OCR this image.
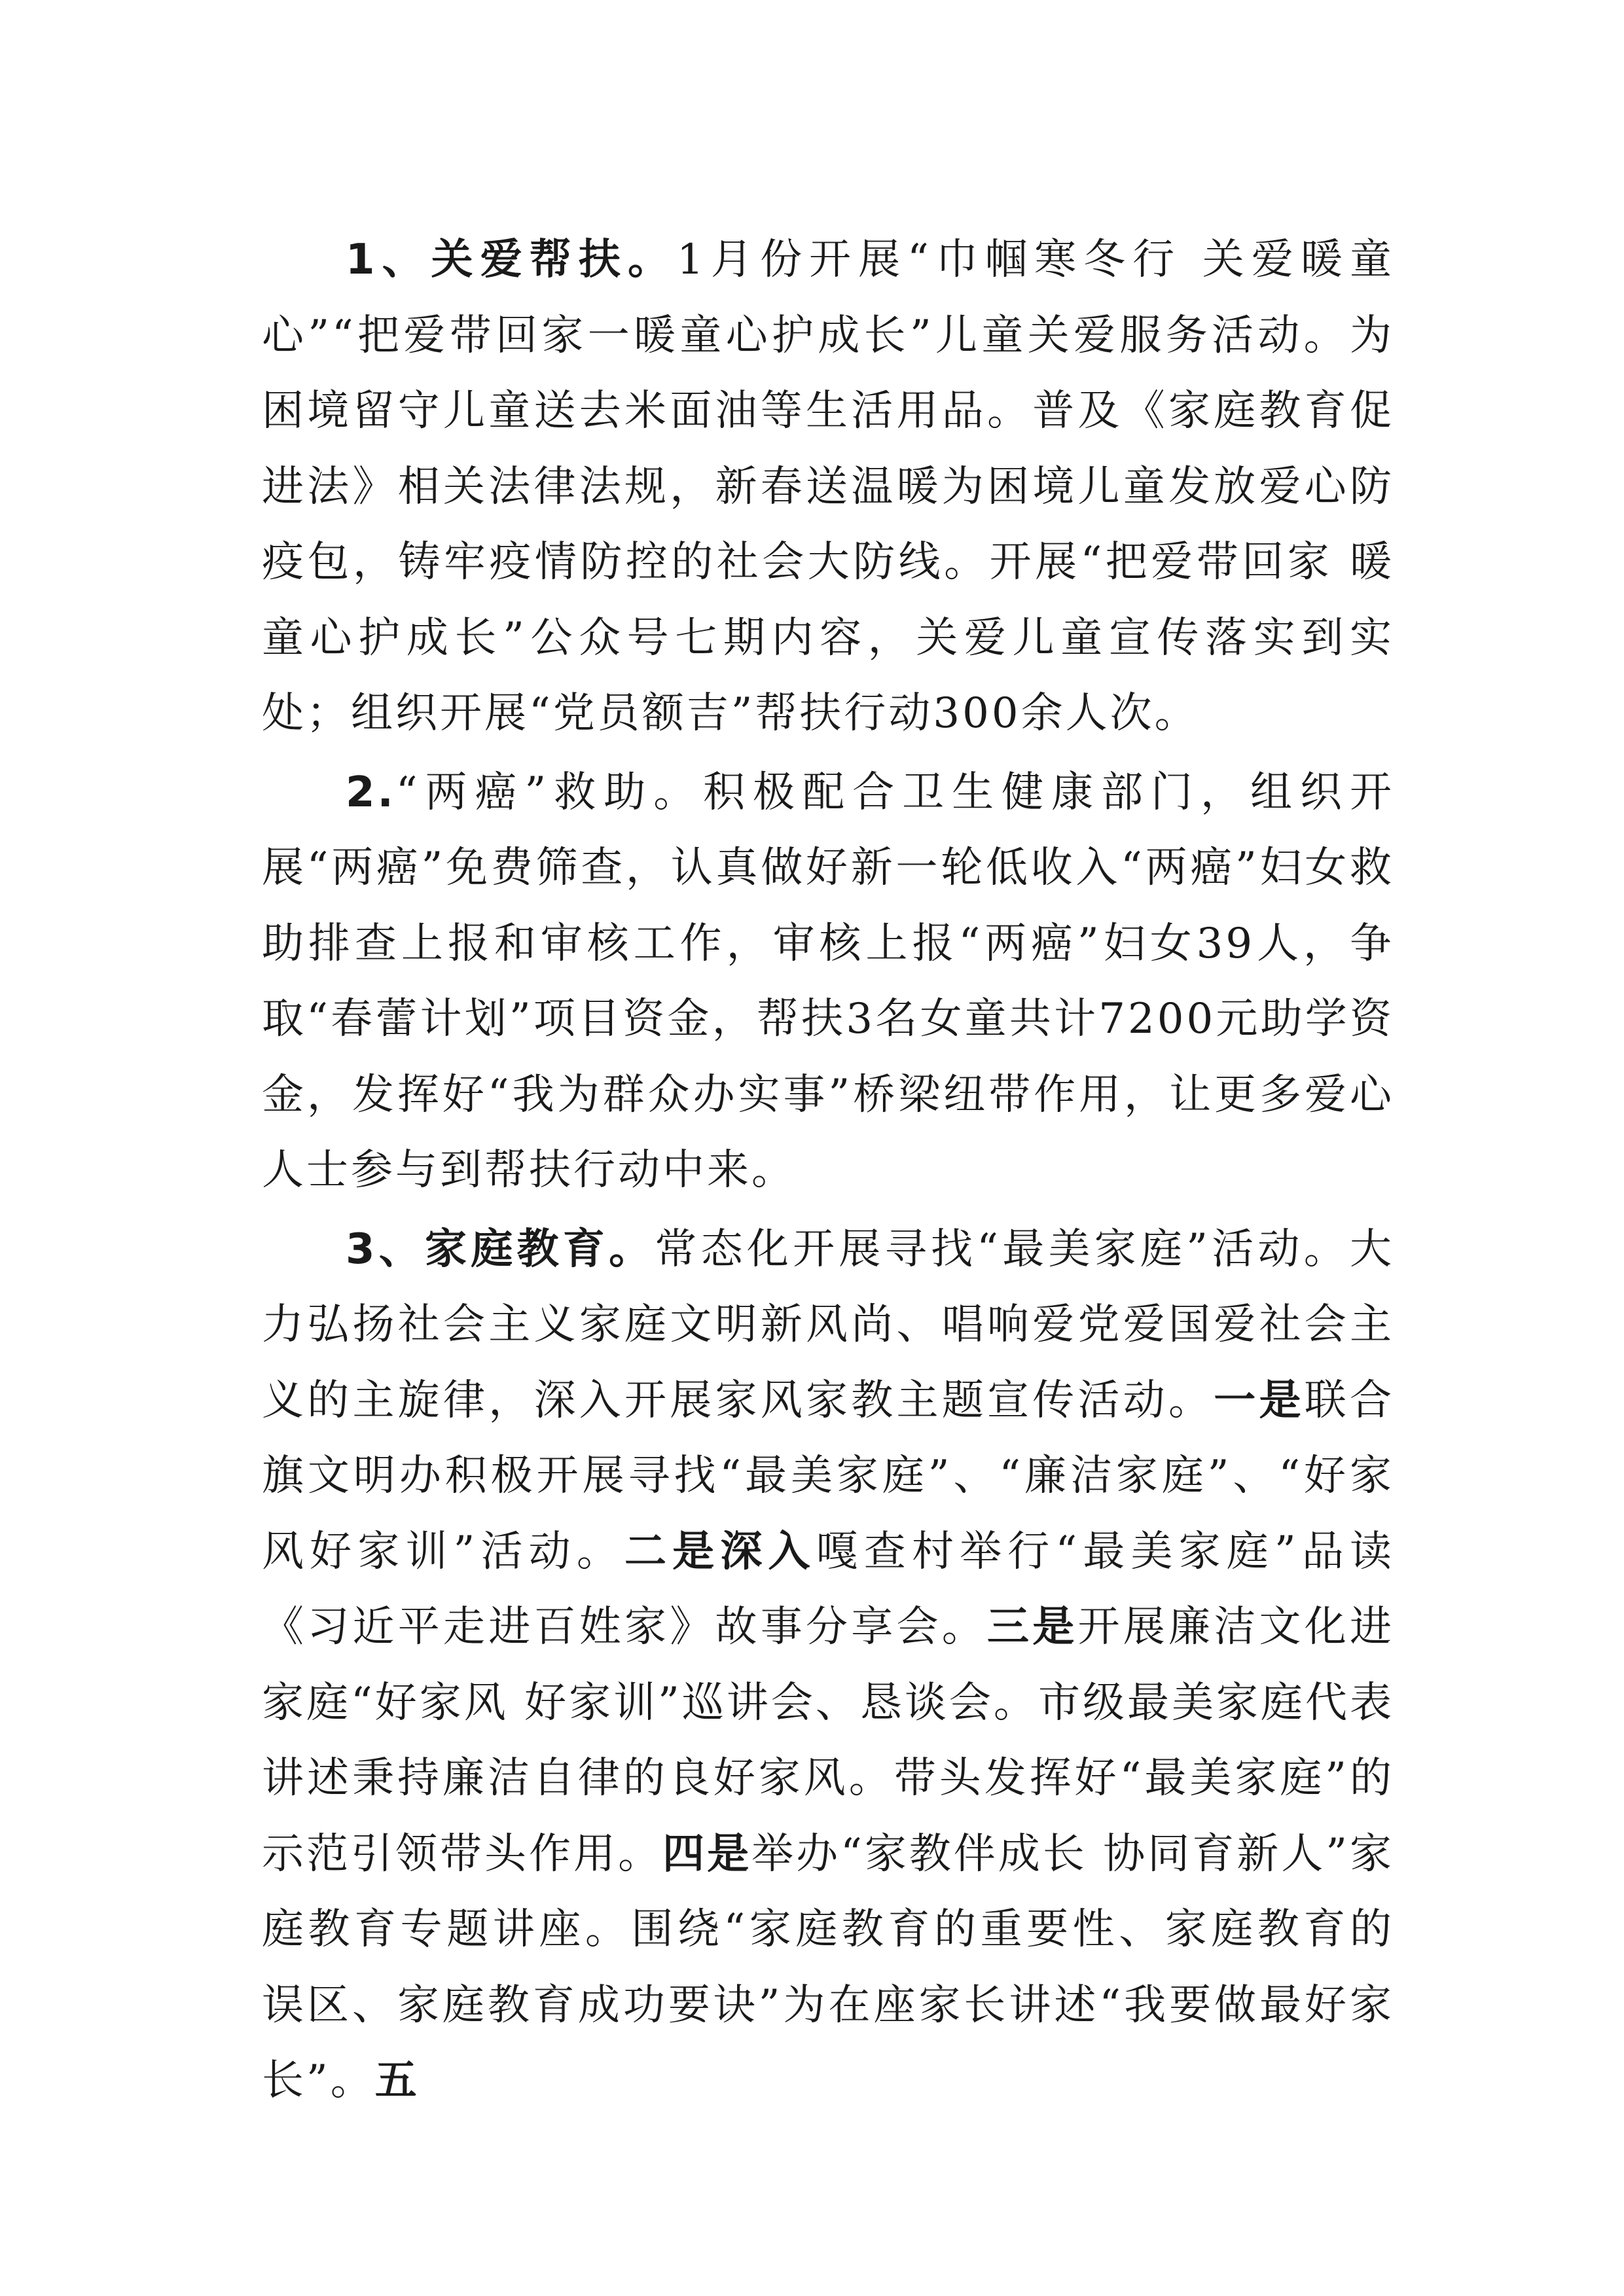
1、关爱帮扶。1月份开展“巾帼寒冬行 关爱暖童心”“把爱带回家一暖童心护成长”儿童关爱服务活动。为困境留守儿童送去米面油等生活用品。普及《家庭教育促进法》相关法律法规，新春送温暖为困境儿童发放爱心防疫包，铸牢疫情防控的社会大防线。开展“把爱带回家 暖童心护成长”公众号七期内容，关爱儿童宣传落实到实处；组织开展“党员额吉”帮扶行动300余人次。

2.“两癌”救助。积极配合卫生健康部门，组织开展“两癌”免费筛查，认真做好新一轮低收入“两癌”妇女救助排查上报和审核工作，审核上报“两癌”妇女39人，争取“春蕾计划”项目资金，帮扶3名女童共计7200元助学资金，发挥好“我为群众办实事”桥梁纽带作用，让更多爱心人士参与到帮扶行动中来。

3、家庭教育。常态化开展寻找“最美家庭”活动。大力弘扬社会主义家庭文明新风尚、唱响爱党爱国爱社会主义的主旋律，深入开展家风家教主题宣传活动。一是联合旗文明办积极开展寻找“最美家庭”、“廉洁家庭”、“好家风好家训”活动。二是深入嘎查村举行“最美家庭”品读《习近平走进百姓家》故事分享会。三是开展廉洁文化进家庭“好家风 好家训”巡讲会、恳谈会。市级最美家庭代表讲述秉持廉洁自律的良好家风。带头发挥好“最美家庭”的示范引领带头作用。四是举办“家教伴成长 协同育新人”家庭教育专题讲座。围绕“家庭教育的重要性、家庭教育的误区、家庭教育成功要诀”为在座家长讲述“我要做最好家长”。五
